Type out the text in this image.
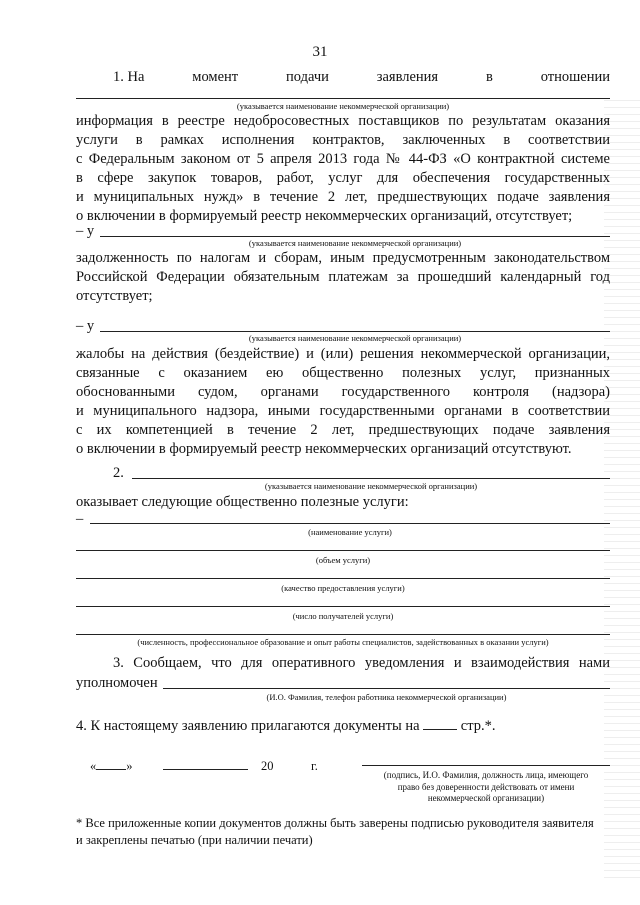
31
1. На	момент	подачи	заявления	в	отношении
(указывается наименование некоммерческой организации)
информация в реестре недобросовестных поставщиков по результатам оказания
услуги в рамках исполнения контрактов, заключенных в соответствии
с Федеральным законом от 5 апреля 2013 года № 44-ФЗ «О контрактной системе
в сфере закупок товаров, работ, услуг для обеспечения государственных
и муниципальных нужд» в течение 2 лет, предшествующих подаче заявления
о включении в формируемый реестр некоммерческих организаций, отсутствует;
– у
(указывается наименование некоммерческой организации)
задолженность по налогам и сборам, иным предусмотренным законодательством
Российской Федерации обязательным платежам за прошедший календарный год
отсутствует;
– у
(указывается наименование некоммерческой организации)
жалобы на действия (бездействие) и (или) решения некоммерческой организации,
связанные с оказанием ею общественно полезных услуг, признанных
обоснованными судом, органами государственного контроля (надзора)
и муниципального надзора, иными государственными органами в соответствии
с их компетенцией в течение 2 лет, предшествующих подаче заявления
о включении в формируемый реестр некоммерческих организаций отсутствуют.
2.
(указывается наименование некоммерческой организации)
оказывает следующие общественно полезные услуги:
–
(наименование услуги)
(объем услуги)
(качество предоставления услуги)
(число получателей услуги)
(численность, профессиональное образование и опыт работы специалистов, задействованных в оказании услуги)
3. Сообщаем, что для оперативного уведомления и взаимодействия нами
уполномочен
(И.О. Фамилия, телефон работника некоммерческой организации)
4. К настоящему заявлению прилагаются документы на	стр.*.
« »	20	г.
(подпись, И.О. Фамилия, должность лица, имеющего
право без доверенности действовать от имени
некоммерческой организации)
* Все приложенные копии документов должны быть заверены подписью руководителя заявителя
и закреплены печатью (при наличии печати)
